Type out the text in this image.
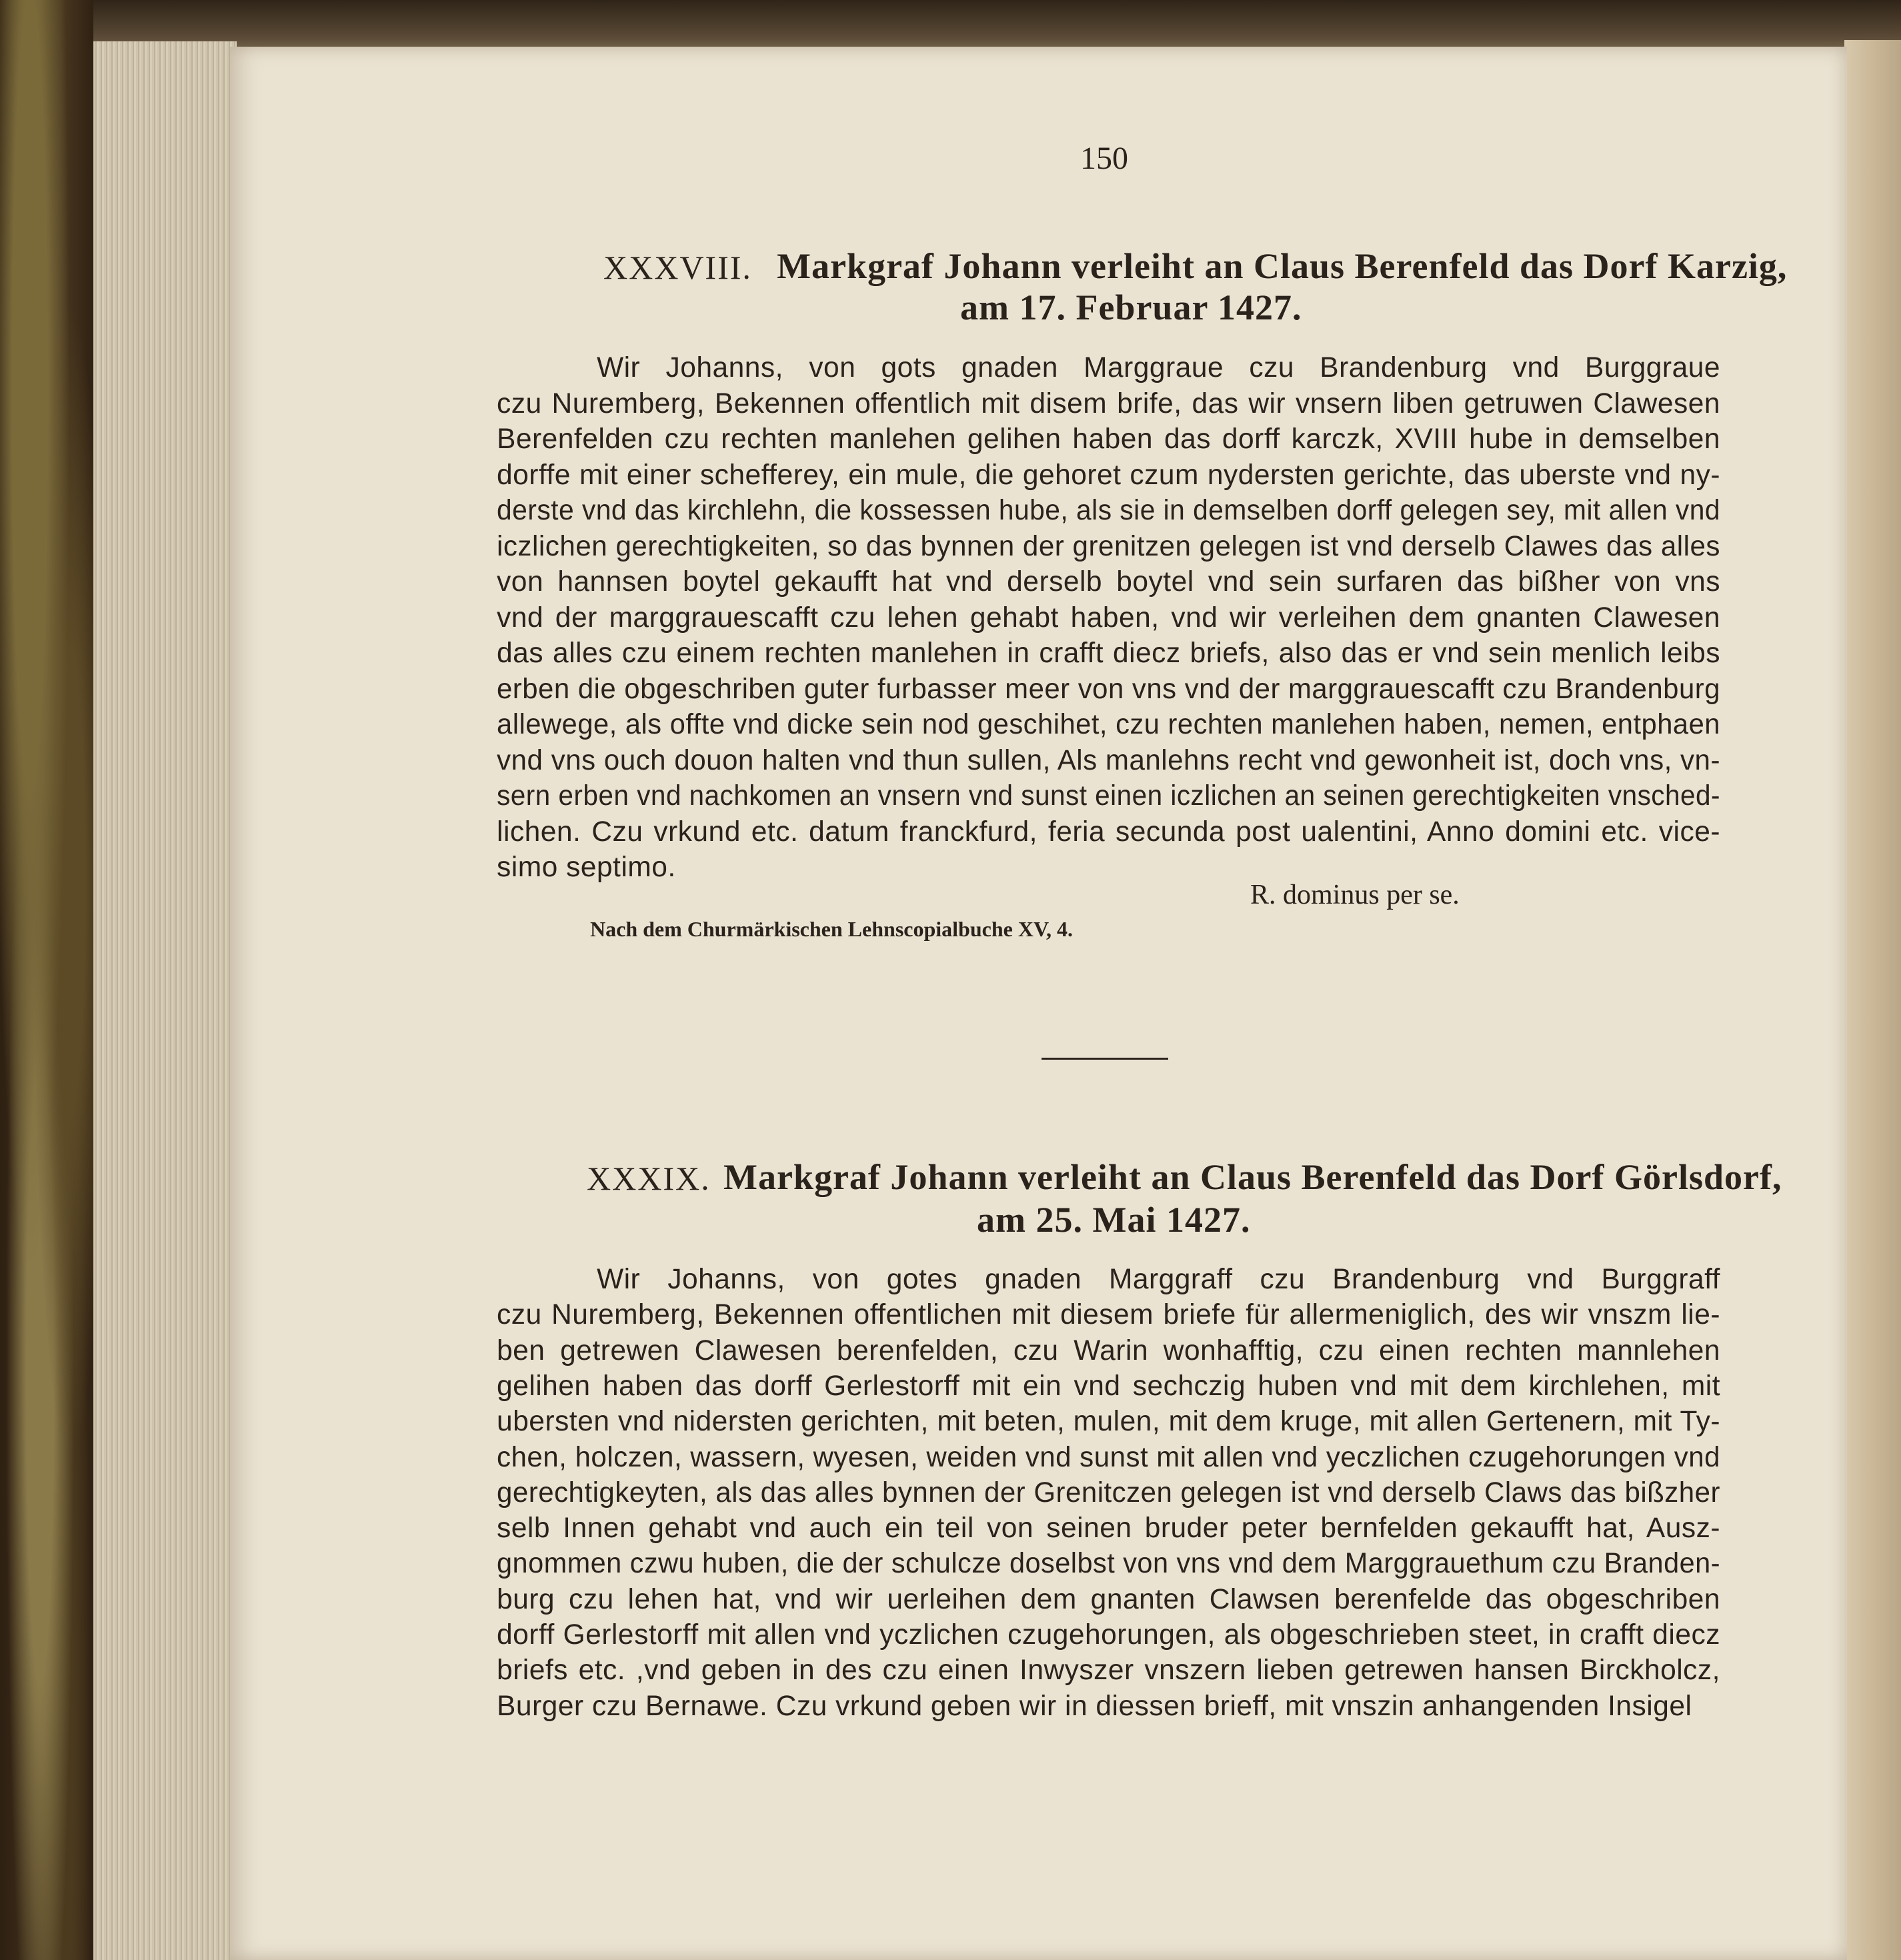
150
XXXVIII. Markgraf Johann verleiht an Claus Berenfeld das Dorf Karzig,
am 17. Februar 1427.
Wir Johanns, von gots gnaden Marggraue czu Brandenburg vnd Burggraue
czu Nuremberg, Bekennen offentlich mit disem brife, das wir vnsern liben getruwen Clawesen
Berenfelden czu rechten manlehen gelihen haben das dorff karczk, XVIII hube in demselben
dorffe mit einer schefferey, ein mule, die gehoret czum nydersten gerichte, das uberste vnd ny-
derste vnd das kirchlehn, die kossessen hube, als sie in demselben dorff gelegen sey, mit allen vnd
iczlichen gerechtigkeiten, so das bynnen der grenitzen gelegen ist vnd derselb Clawes das alles
von hannsen boytel gekaufft hat vnd derselb boytel vnd sein surfaren das bißher von vns
vnd der marggrauescafft czu lehen gehabt haben, vnd wir verleihen dem gnanten Clawesen
das alles czu einem rechten manlehen in crafft diecz briefs, also das er vnd sein menlich leibs
erben die obgeschriben guter furbasser meer von vns vnd der marggrauescafft czu Brandenburg
allewege, als offte vnd dicke sein nod geschihet, czu rechten manlehen haben, nemen, entphaen
vnd vns ouch douon halten vnd thun sullen, Als manlehns recht vnd gewonheit ist, doch vns, vn-
sern erben vnd nachkomen an vnsern vnd sunst einen iczlichen an seinen gerechtigkeiten vnsched-
lichen. Czu vrkund etc. datum franckfurd, feria secunda post ualentini, Anno domini etc. vice-
simo septimo.
R. dominus per se.
Nach dem Churmärkischen Lehnscopialbuche XV, 4.
XXXIX. Markgraf Johann verleiht an Claus Berenfeld das Dorf Görlsdorf,
am 25. Mai 1427.
Wir Johanns, von gotes gnaden Marggraff czu Brandenburg vnd Burggraff
czu Nuremberg, Bekennen offentlichen mit diesem briefe für allermeniglich, des wir vnszm lie-
ben getrewen Clawesen berenfelden, czu Warin wonhafftig, czu einen rechten mannlehen
gelihen haben das dorff Gerlestorff mit ein vnd sechczig huben vnd mit dem kirchlehen, mit
ubersten vnd nidersten gerichten, mit beten, mulen, mit dem kruge, mit allen Gertenern, mit Ty-
chen, holczen, wassern, wyesen, weiden vnd sunst mit allen vnd yeczlichen czugehorungen vnd
gerechtigkeyten, als das alles bynnen der Grenitczen gelegen ist vnd derselb Claws das bißzher
selb Innen gehabt vnd auch ein teil von seinen bruder peter bernfelden gekaufft hat, Ausz-
gnommen czwu huben, die der schulcze doselbst von vns vnd dem Marggrauethum czu Branden-
burg czu lehen hat, vnd wir uerleihen dem gnanten Clawsen berenfelde das obgeschriben
dorff Gerlestorff mit allen vnd yczlichen czugehorungen, als obgeschrieben steet, in crafft diecz
briefs etc. ,vnd geben in des czu einen Inwyszer vnszern lieben getrewen hansen Birckholcz,
Burger czu Bernawe. Czu vrkund geben wir in diessen brieff, mit vnszin anhangenden Insigel
